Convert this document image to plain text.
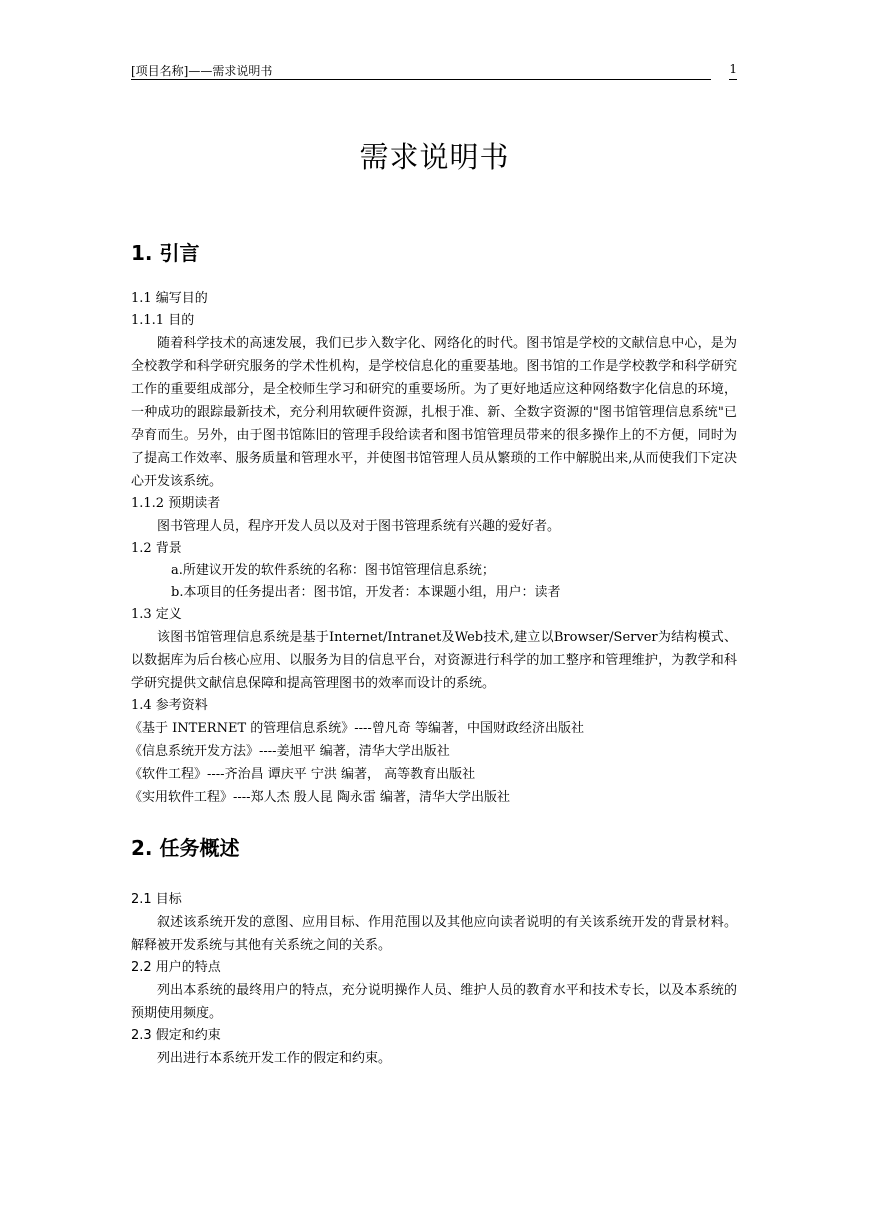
[项目名称]——需求说明书	1
需求说明书
1. 引言
1.1 编写目的
1.1.1 目的

随着科学技术的高速发展，我们已步入数字化、网络化的时代。图书馆是学校的文献信息中心，是为全校教学和科学研究服务的学术性机构，是学校信息化的重要基地。图书馆的工作是学校教学和科学研究工作的重要组成部分，是全校师生学习和研究的重要场所。为了更好地适应这种网络数字化信息的环境，一种成功的跟踪最新技术，充分利用软硬件资源，扎根于准、新、全数字资源的"图书馆管理信息系统"已孕育而生。另外，由于图书馆陈旧的管理手段给读者和图书馆管理员带来的很多操作上的不方便，同时为了提高工作效率、服务质量和管理水平，并使图书馆管理人员从繁琐的工作中解脱出来,从而使我们下定决心开发该系统。

1.1.2 预期读者

图书管理人员，程序开发人员以及对于图书管理系统有兴趣的爱好者。

1.2 背景
a.所建议开发的软件系统的名称：图书馆管理信息系统；
b.本项目的任务提出者：图书馆，开发者：本课题小组，用户：读者
1.3 定义

该图书馆管理信息系统是基于Internet/Intranet及Web技术,建立以Browser/Server为结构模式、以数据库为后台核心应用、以服务为目的信息平台，对资源进行科学的加工整序和管理维护，为教学和科学研究提供文献信息保障和提高管理图书的效率而设计的系统。

1.4 参考资料
《基于 INTERNET 的管理信息系统》----曾凡奇 等编著，中国财政经济出版社
《信息系统开发方法》----姜旭平 编著，清华大学出版社
《软件工程》----齐治昌 谭庆平 宁洪 编著， 高等教育出版社
《实用软件工程》----郑人杰 殷人昆 陶永雷 编著，清华大学出版社
2. 任务概述
2.1 目标

叙述该系统开发的意图、应用目标、作用范围以及其他应向读者说明的有关该系统开发的背景材料。解释被开发系统与其他有关系统之间的关系。

2.2 用户的特点

列出本系统的最终用户的特点，充分说明操作人员、维护人员的教育水平和技术专长，以及本系统的预期使用频度。

2.3 假定和约束

列出进行本系统开发工作的假定和约束。
